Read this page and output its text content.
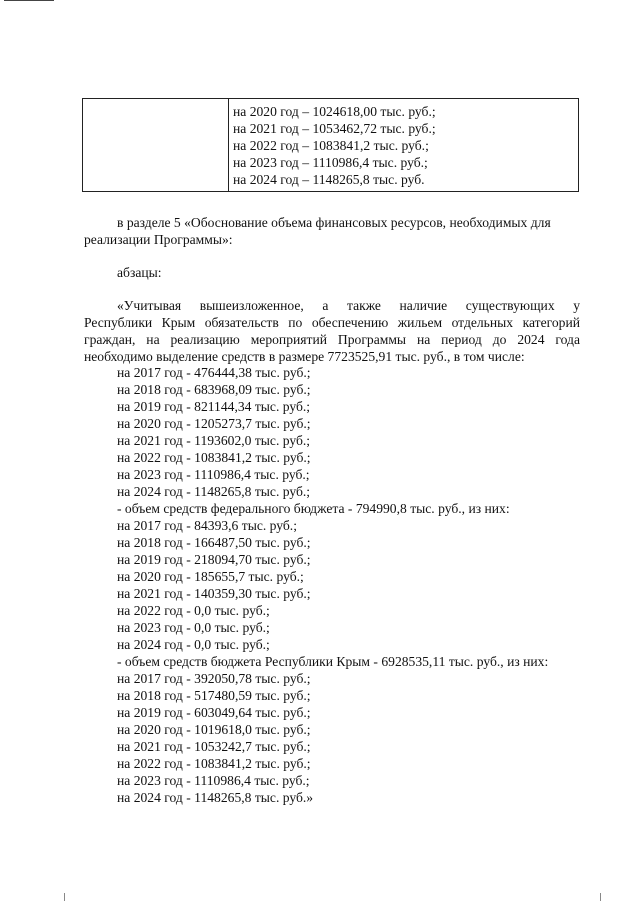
на 2020 год – 1024618,00 тыс. руб.;
на 2021 год – 1053462,72 тыс. руб.;
на 2022 год – 1083841,2 тыс. руб.;
на 2023 год – 1110986,4 тыс. руб.;
на 2024 год – 1148265,8 тыс. руб.
в разделе 5 «Обоснование объема финансовых ресурсов, необходимых для
реализации Программы»:
абзацы:
«Учитывая вышеизложенное, а также наличие существующих у
Республики Крым обязательств по обеспечению жильем отдельных категорий
граждан, на реализацию мероприятий Программы на период до 2024 года
необходимо выделение средств в размере 7723525,91 тыс. руб., в том числе:
на 2017 год - 476444,38 тыс. руб.;
на 2018 год - 683968,09 тыс. руб.;
на 2019 год - 821144,34 тыс. руб.;
на 2020 год - 1205273,7 тыс. руб.;
на 2021 год - 1193602,0 тыс. руб.;
на 2022 год - 1083841,2 тыс. руб.;
на 2023 год - 1110986,4 тыс. руб.;
на 2024 год - 1148265,8 тыс. руб.;
- объем средств федерального бюджета - 794990,8 тыс. руб., из них:
на 2017 год - 84393,6 тыс. руб.;
на 2018 год - 166487,50 тыс. руб.;
на 2019 год - 218094,70 тыс. руб.;
на 2020 год - 185655,7 тыс. руб.;
на 2021 год - 140359,30 тыс. руб.;
на 2022 год - 0,0 тыс. руб.;
на 2023 год - 0,0 тыс. руб.;
на 2024 год - 0,0 тыс. руб.;
- объем средств бюджета Республики Крым - 6928535,11 тыс. руб., из них:
на 2017 год - 392050,78 тыс. руб.;
на 2018 год - 517480,59 тыс. руб.;
на 2019 год - 603049,64 тыс. руб.;
на 2020 год - 1019618,0 тыс. руб.;
на 2021 год - 1053242,7 тыс. руб.;
на 2022 год - 1083841,2 тыс. руб.;
на 2023 год - 1110986,4 тыс. руб.;
на 2024 год - 1148265,8 тыс. руб.»
